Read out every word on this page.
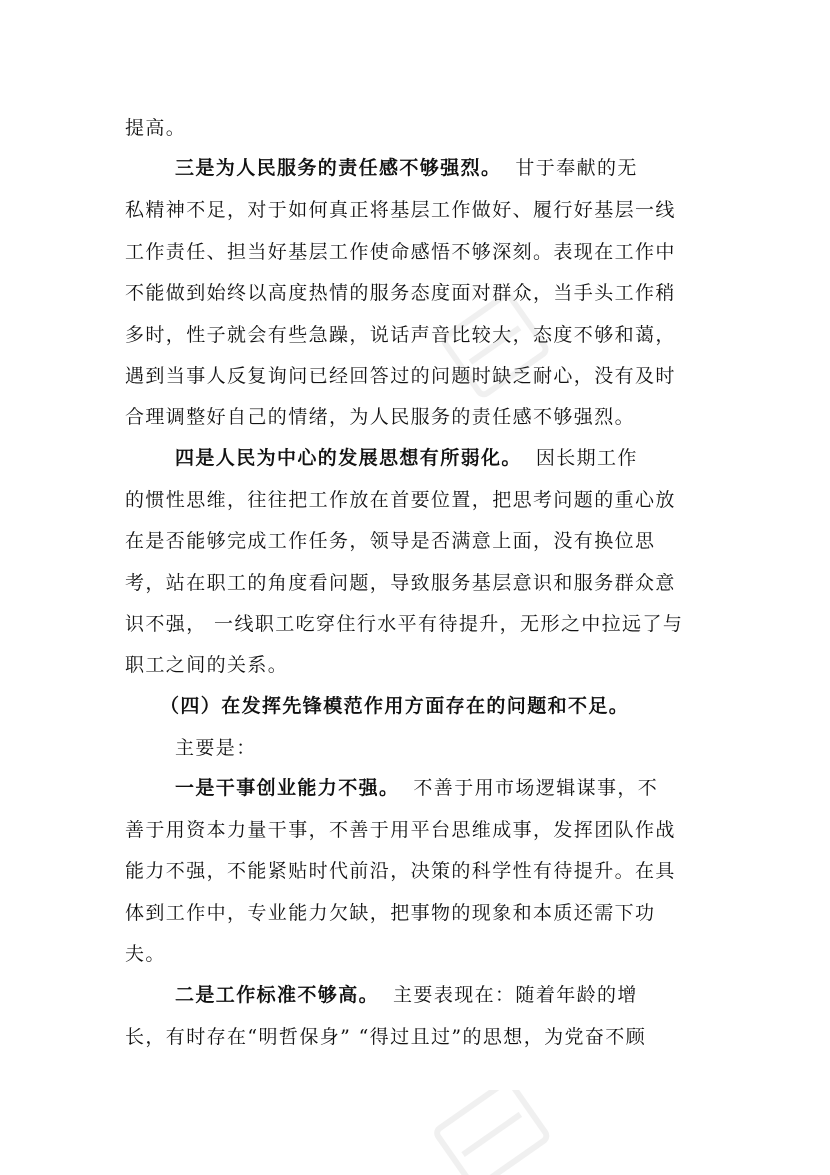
提高。
三是为人民服务的责任感不够强烈。 甘于奉献的无
私精神不足，对于如何真正将基层工作做好、履行好基层一线
工作责任、担当好基层工作使命感悟不够深刻。表现在工作中
不能做到始终以高度热情的服务态度面对群众，当手头工作稍
多时，性子就会有些急躁，说话声音比较大，态度不够和蔼，
遇到当事人反复询问已经回答过的问题时缺乏耐心，没有及时
合理调整好自己的情绪，为人民服务的责任感不够强烈。
四是人民为中心的发展思想有所弱化。 因长期工作
的惯性思维，往往把工作放在首要位置，把思考问题的重心放
在是否能够完成工作任务，领导是否满意上面，没有换位思
考，站在职工的角度看问题，导致服务基层意识和服务群众意
识不强， 一线职工吃穿住行水平有待提升，无形之中拉远了与
职工之间的关系。
（四）在发挥先锋模范作用方面存在的问题和不足。
主要是：
一是干事创业能力不强。 不善于用市场逻辑谋事，不
善于用资本力量干事，不善于用平台思维成事，发挥团队作战
能力不强，不能紧贴时代前沿，决策的科学性有待提升。在具
体到工作中，专业能力欠缺，把事物的现象和本质还需下功
夫。
二是工作标准不够高。 主要表现在：随着年龄的增
长，有时存在“明哲保身” “得过且过”的思想，为党奋不顾
